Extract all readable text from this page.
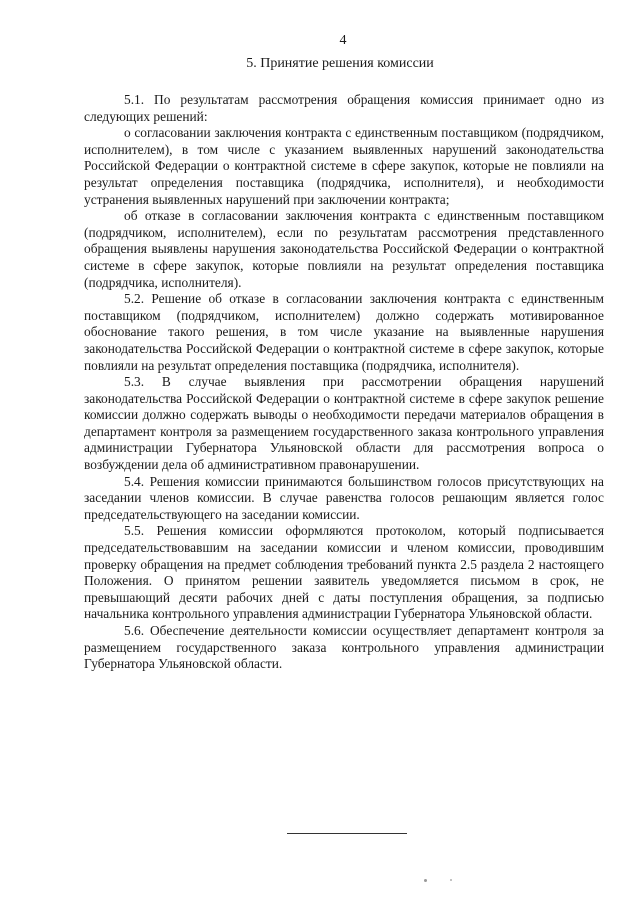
4
5. Принятие решения комиссии

5.1. По результатам рассмотрения обращения комиссия принимает одно из следующих решений:

о согласовании заключения контракта с единственным поставщиком (подрядчиком, исполнителем), в том числе с указанием выявленных нарушений законодательства Российской Федерации о контрактной системе в сфере закупок, которые не повлияли на результат определения поставщика (подрядчика, исполнителя), и необходимости устранения выявленных нарушений при заключении контракта;

об отказе в согласовании заключения контракта с единственным поставщиком (подрядчиком, исполнителем), если по результатам рассмотрения представленного обращения выявлены нарушения законодательства Российской Федерации о контрактной системе в сфере закупок, которые повлияли на результат определения поставщика (подрядчика, исполнителя).

5.2. Решение об отказе в согласовании заключения контракта с единственным поставщиком (подрядчиком, исполнителем) должно содержать мотивированное обоснование такого решения, в том числе указание на выявленные нарушения законодательства Российской Федерации о контрактной системе в сфере закупок, которые повлияли на результат определения поставщика (подрядчика, исполнителя).

5.3. В случае выявления при рассмотрении обращения нарушений законодательства Российской Федерации о контрактной системе в сфере закупок решение комиссии должно содержать выводы о необходимости передачи материалов обращения в департамент контроля за размещением государственного заказа контрольного управления администрации Губернатора Ульяновской области для рассмотрения вопроса о возбуждении дела об административном правонарушении.

5.4. Решения комиссии принимаются большинством голосов присутствующих на заседании членов комиссии. В случае равенства голосов решающим является голос председательствующего на заседании комиссии.

5.5. Решения комиссии оформляются протоколом, который подписывается председательствовавшим на заседании комиссии и членом комиссии, проводившим проверку обращения на предмет соблюдения требований пункта 2.5 раздела 2 настоящего Положения. О принятом решении заявитель уведомляется письмом в срок, не превышающий десяти рабочих дней с даты поступления обращения, за подписью начальника контрольного управления администрации Губернатора Ульяновской области.

5.6. Обеспечение деятельности комиссии осуществляет департамент контроля за размещением государственного заказа контрольного управления администрации Губернатора Ульяновской области.
